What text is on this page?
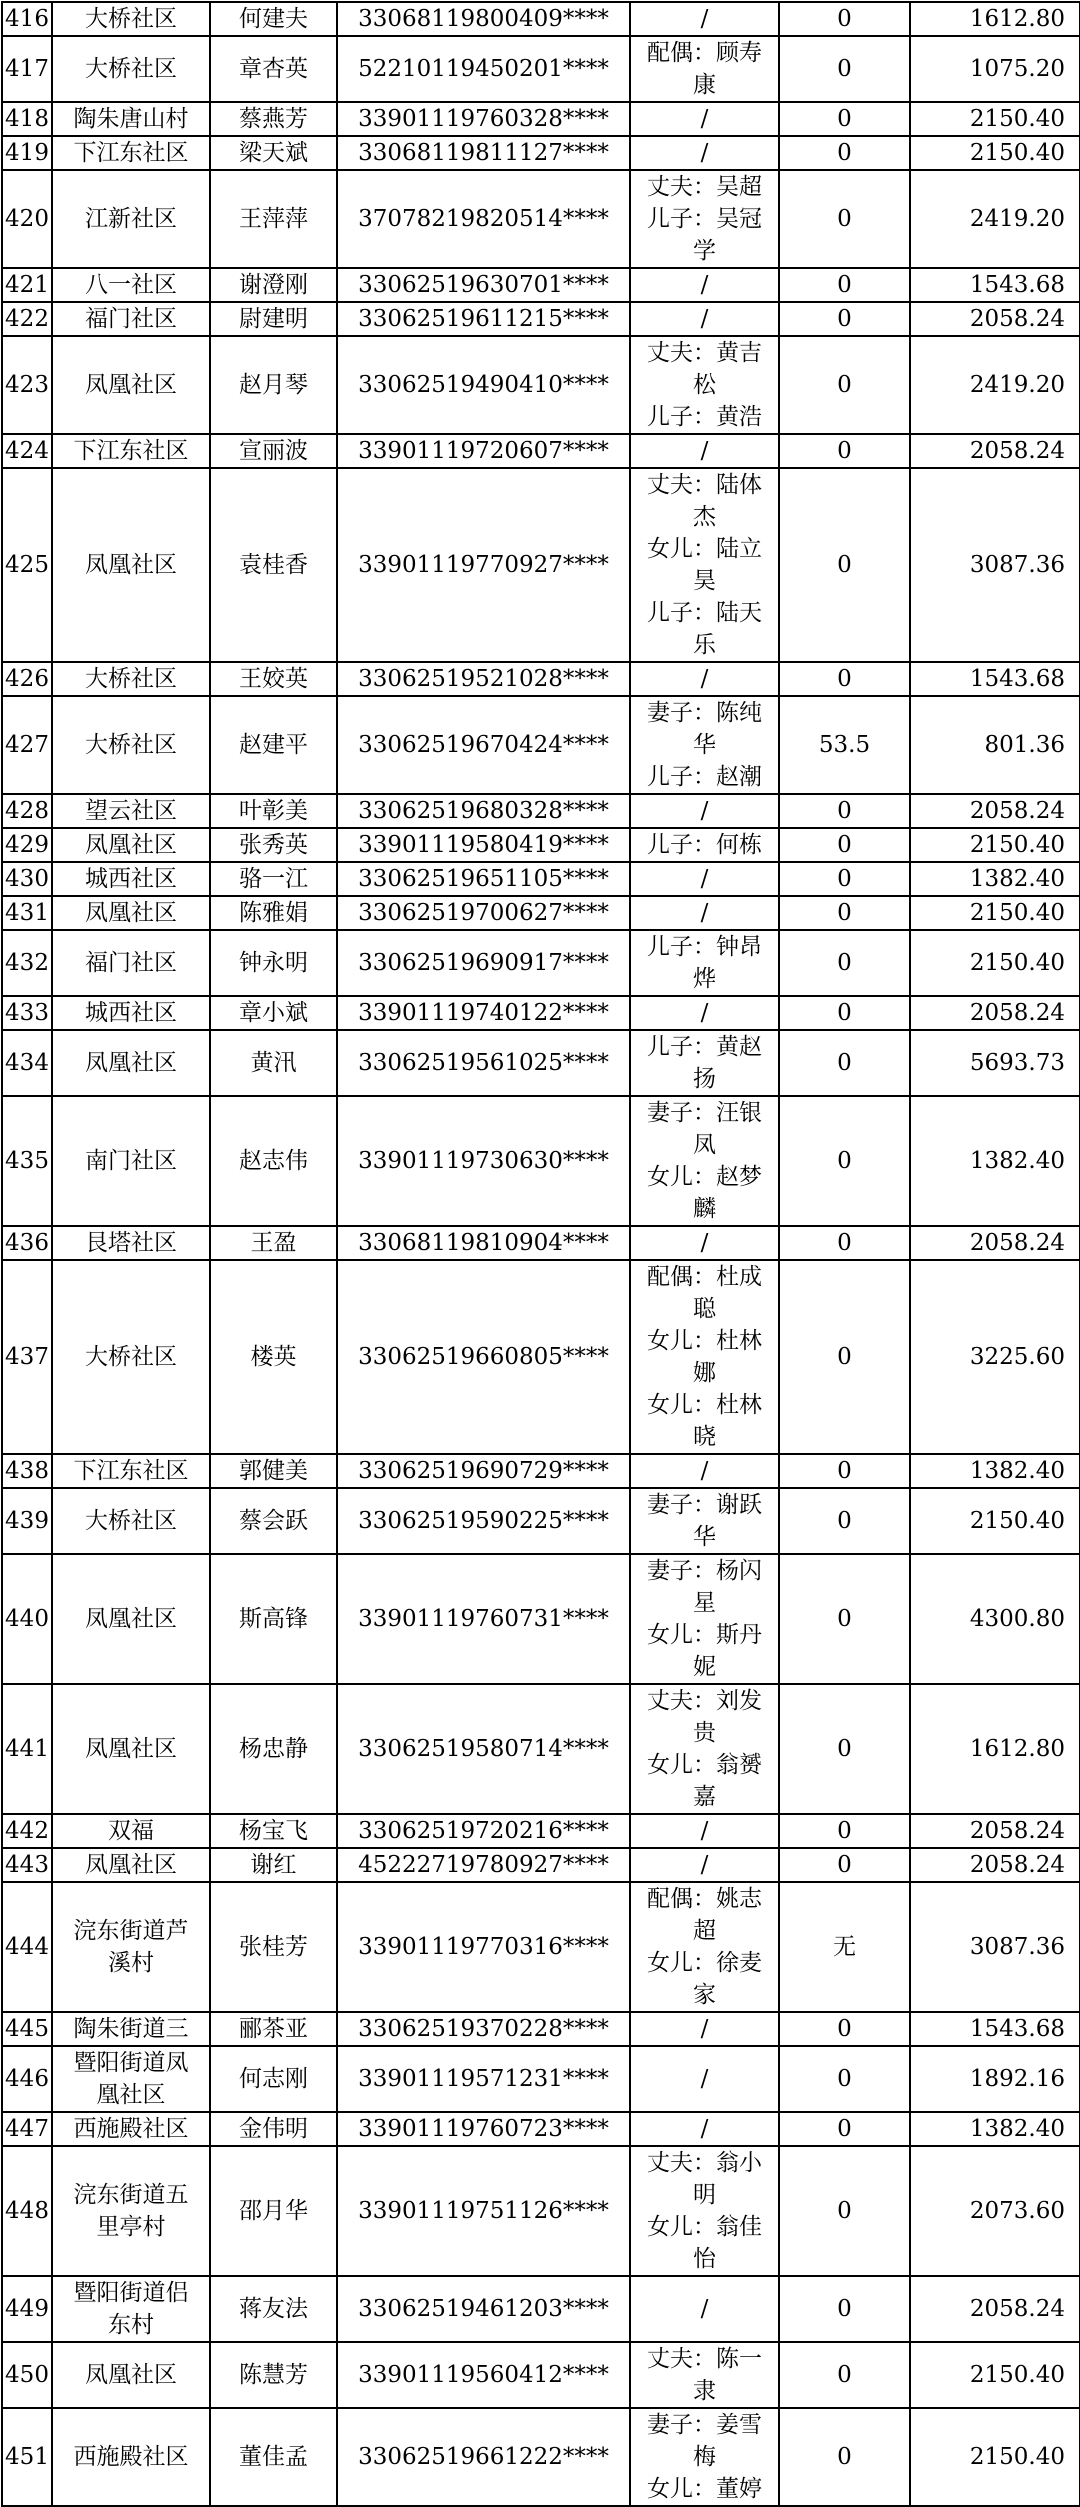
416	大桥社区	何建夫	33068119800409****	/	0	1612.80
417	大桥社区	章杏英	52210119450201****	配偶：顾寿康	0	1075.20
418	陶朱唐山村	蔡燕芳	33901119760328****	/	0	2150.40
419	下江东社区	梁天斌	33068119811127****	/	0	2150.40
420	江新社区	王萍萍	37078219820514****	丈夫：吴超
儿子：吴冠学	0	2419.20
421	八一社区	谢澄刚	33062519630701****	/	0	1543.68
422	福门社区	尉建明	33062519611215****	/	0	2058.24
423	凤凰社区	赵月琴	33062519490410****	丈夫：黄吉松
儿子：黄浩	0	2419.20
424	下江东社区	宣丽波	33901119720607****	/	0	2058.24
425	凤凰社区	袁桂香	33901119770927****	丈夫：陆体杰
女儿：陆立昊
儿子：陆天乐	0	3087.36
426	大桥社区	王姣英	33062519521028****	/	0	1543.68
427	大桥社区	赵建平	33062519670424****	妻子：陈纯华
儿子：赵潮	53.5	801.36
428	望云社区	叶彰美	33062519680328****	/	0	2058.24
429	凤凰社区	张秀英	33901119580419****	儿子：何栋	0	2150.40
430	城西社区	骆一江	33062519651105****	/	0	1382.40
431	凤凰社区	陈雅娟	33062519700627****	/	0	2150.40
432	福门社区	钟永明	33062519690917****	儿子：钟昂烨	0	2150.40
433	城西社区	章小斌	33901119740122****	/	0	2058.24
434	凤凰社区	黄汛	33062519561025****	儿子：黄赵扬	0	5693.73
435	南门社区	赵志伟	33901119730630****	妻子：汪银凤
女儿：赵梦麟	0	1382.40
436	艮塔社区	王盈	33068119810904****	/	0	2058.24
437	大桥社区	楼英	33062519660805****	配偶：杜成聪
女儿：杜林娜
女儿：杜林晓	0	3225.60
438	下江东社区	郭健美	33062519690729****	/	0	1382.40
439	大桥社区	蔡会跃	33062519590225****	妻子：谢跃华	0	2150.40
440	凤凰社区	斯高锋	33901119760731****	妻子：杨闪星
女儿：斯丹妮	0	4300.80
441	凤凰社区	杨忠静	33062519580714****	丈夫：刘发贵
女儿：翁赟嘉	0	1612.80
442	双福	杨宝飞	33062519720216****	/	0	2058.24
443	凤凰社区	谢红	45222719780927****	/	0	2058.24
444	浣东街道芦
溪村	张桂芳	33901119770316****	配偶：姚志超
女儿：徐麦家	无	3087.36
445	陶朱街道三	郦茶亚	33062519370228****	/	0	1543.68
446	暨阳街道凤
凰社区	何志刚	33901119571231****	/	0	1892.16
447	西施殿社区	金伟明	33901119760723****	/	0	1382.40
448	浣东街道五
里亭村	邵月华	33901119751126****	丈夫：翁小明
女儿：翁佳怡	0	2073.60
449	暨阳街道侣
东村	蒋友法	33062519461203****	/	0	2058.24
450	凤凰社区	陈慧芳	33901119560412****	丈夫：陈一隶	0	2150.40
451	西施殿社区	董佳孟	33062519661222****	妻子：姜雪梅
女儿：董婷	0	2150.40
